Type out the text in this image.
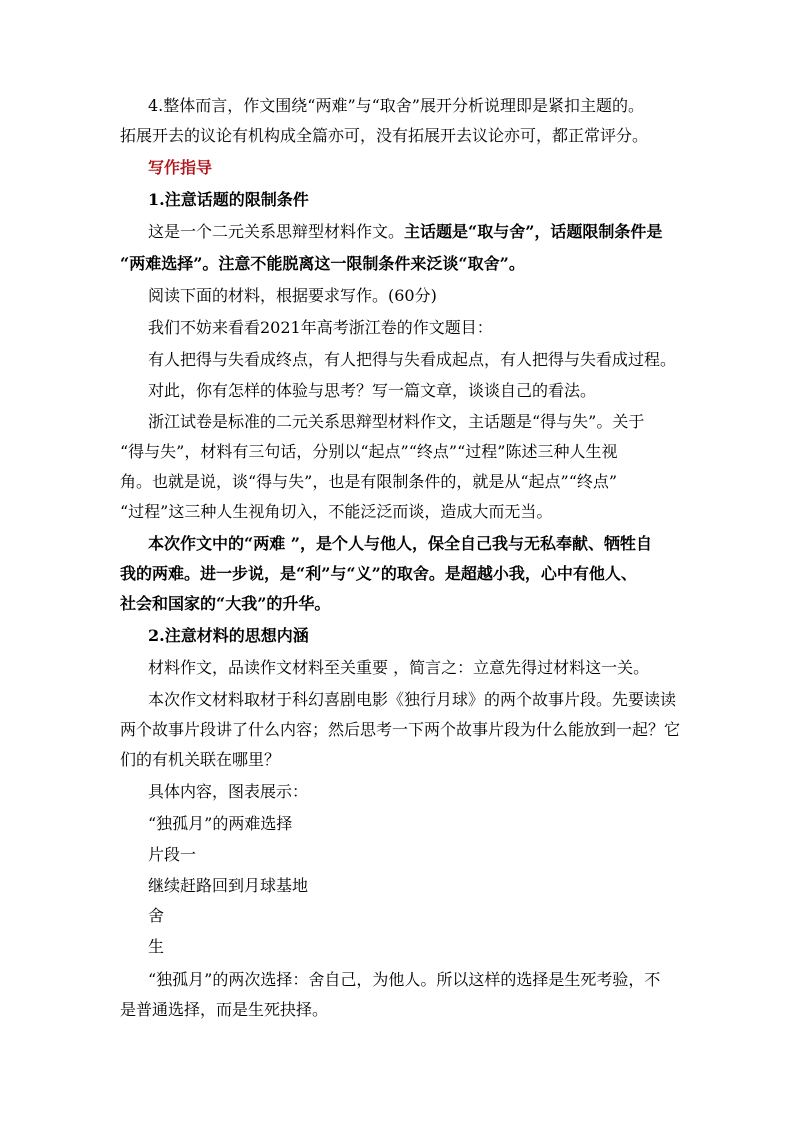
4.整体而言，作文围绕“两难”与“取舍”展开分析说理即是紧扣主题的。
拓展开去的议论有机构成全篇亦可，没有拓展开去议论亦可，都正常评分。
写作指导
1.注意话题的限制条件
这是一个二元关系思辩型材料作文。主话题是“取与舍”，话题限制条件是
“两难选择”。注意不能脱离这一限制条件来泛谈“取舍”。
阅读下面的材料，根据要求写作。(60分)
我们不妨来看看2021年高考浙江卷的作文题目：
有人把得与失看成终点，有人把得与失看成起点，有人把得与失看成过程。
对此，你有怎样的体验与思考？写一篇文章，谈谈自己的看法。
浙江试卷是标准的二元关系思辩型材料作文，主话题是“得与失”。关于
“得与失”，材料有三句话，分别以“起点”“终点”“过程”陈述三种人生视
角。也就是说，谈“得与失”，也是有限制条件的，就是从“起点”“终点”
“过程”这三种人生视角切入，不能泛泛而谈，造成大而无当。
本次作文中的“两难 ”，是个人与他人，保全自己我与无私奉献、牺牲自
我的两难。进一步说，是“利”与“义”的取舍。是超越小我，心中有他人、
社会和国家的“大我”的升华。
2.注意材料的思想内涵
材料作文，品读作文材料至关重要 ，简言之：立意先得过材料这一关。
本次作文材料取材于科幻喜剧电影《独行月球》的两个故事片段。先要读读
两个故事片段讲了什么内容；然后思考一下两个故事片段为什么能放到一起？它
们的有机关联在哪里？
具体内容，图表展示：
“独孤月”的两难选择
片段一
继续赶路回到月球基地
舍
生
“独孤月”的两次选择：舍自己，为他人。所以这样的选择是生死考验，不
是普通选择，而是生死抉择。
